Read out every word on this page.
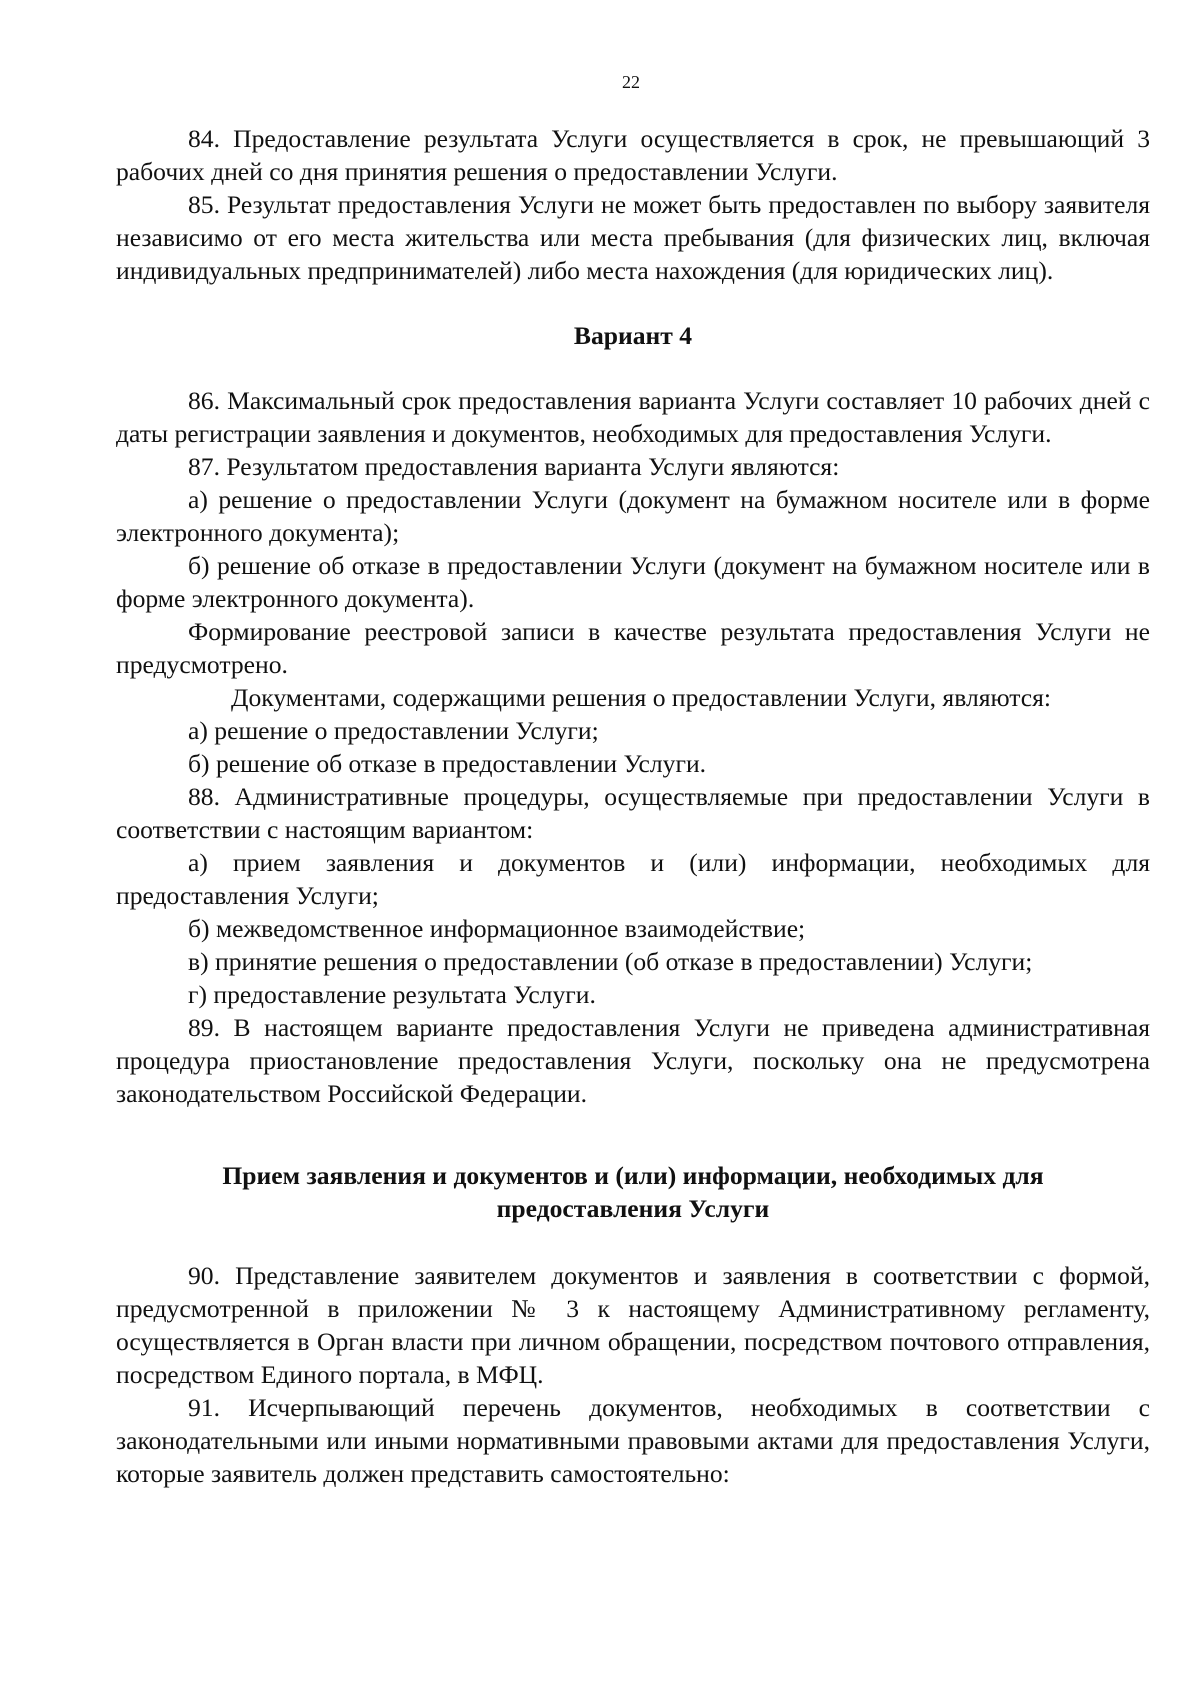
22

84. Предоставление результата Услуги осуществляется в срок, не превышающий 3 рабочих дней со дня принятия решения о предоставлении Услуги.

85. Результат предоставления Услуги не может быть предоставлен по выбору заявителя независимо от его места жительства или места пребывания (для физических лиц, включая индивидуальных предпринимателей) либо места нахождения (для юридических лиц).

Вариант 4

86. Максимальный срок предоставления варианта Услуги составляет 10 рабочих дней с даты регистрации заявления и документов, необходимых для предоставления Услуги.

87. Результатом предоставления варианта Услуги являются:

а) решение о предоставлении Услуги (документ на бумажном носителе или в форме электронного документа);

б) решение об отказе в предоставлении Услуги (документ на бумажном носителе или в форме электронного документа).

Формирование реестровой записи в качестве результата предоставления Услуги не предусмотрено.

Документами, содержащими решения о предоставлении Услуги, являются:

а) решение о предоставлении Услуги;

б) решение об отказе в предоставлении Услуги.

88. Административные процедуры, осуществляемые при предоставлении Услуги в соответствии с настоящим вариантом:

а) прием заявления и документов и (или) информации, необходимых для предоставления Услуги;

б) межведомственное информационное взаимодействие;

в) принятие решения о предоставлении (об отказе в предоставлении) Услуги;

г) предоставление результата Услуги.

89. В настоящем варианте предоставления Услуги не приведена административная процедура приостановление предоставления Услуги, поскольку она не предусмотрена законодательством Российской Федерации.

Прием заявления и документов и (или) информации, необходимых для
предоставления Услуги

90. Представление заявителем документов и заявления в соответствии с формой, предусмотренной в приложении № 3 к настоящему Административному регламенту, осуществляется в Орган власти при личном обращении, посредством почтового отправления, посредством Единого портала, в МФЦ.

91. Исчерпывающий перечень документов, необходимых в соответствии с законодательными или иными нормативными правовыми актами для предоставления Услуги, которые заявитель должен представить самостоятельно:
